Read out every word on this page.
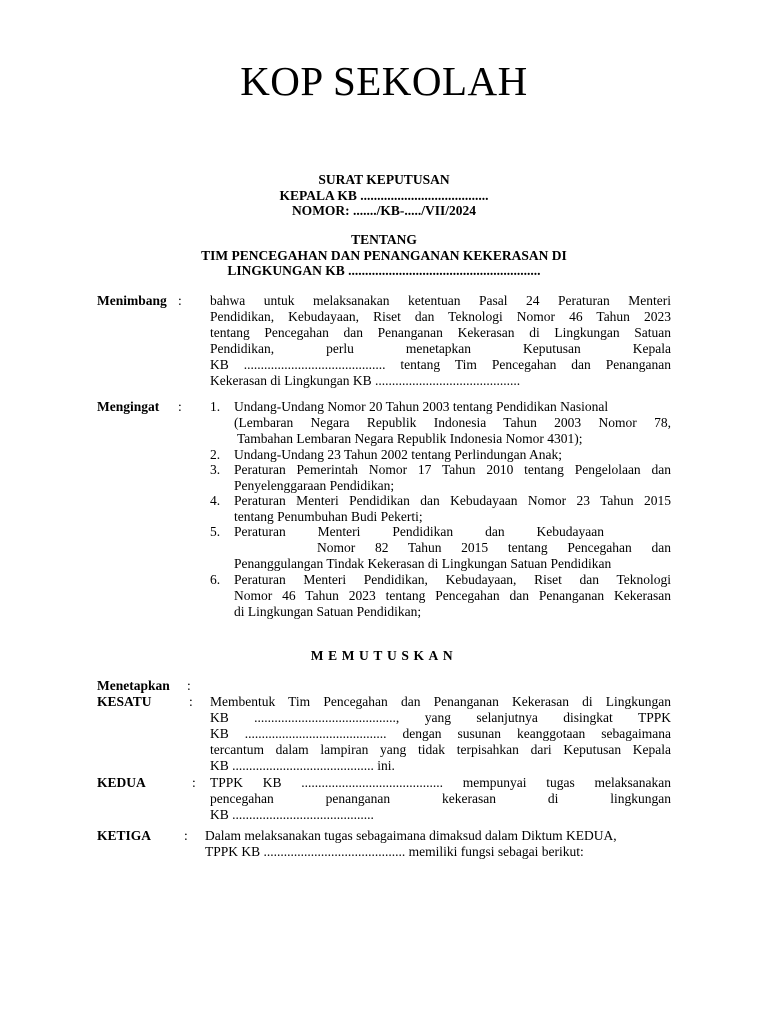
KOP SEKOLAH
SURAT KEPUTUSAN
KEPALA KB ......................................
NOMOR: ......./KB-...../VII/2024
TENTANG
TIM PENCEGAHAN DAN PENANGANAN KEKERASAN DI
LINGKUNGAN KB .........................................................
Menimbang : bahwa untuk melaksanakan ketentuan Pasal 24 Peraturan Menteri
Pendidikan, Kebudayaan, Riset dan Teknologi Nomor 46 Tahun 2023
tentang Pencegahan dan Penanganan Kekerasan di Lingkungan Satuan
Pendidikan, perlu menetapkan Keputusan Kepala
KB .......................................... tentang Tim Pencegahan dan Penanganan
Kekerasan di Lingkungan KB ...........................................
Mengingat : 1. Undang-Undang Nomor 20 Tahun 2003 tentang Pendidikan Nasional
(Lembaran Negara Republik Indonesia Tahun 2003 Nomor 78,
Tambahan Lembaran Negara Republik Indonesia Nomor 4301);
2. Undang-Undang 23 Tahun 2002 tentang Perlindungan Anak;
3. Peraturan Pemerintah Nomor 17 Tahun 2010 tentang Pengelolaan dan
Penyelenggaraan Pendidikan;
4. Peraturan Menteri Pendidikan dan Kebudayaan Nomor 23 Tahun 2015
tentang Penumbuhan Budi Pekerti;
5. Peraturan Menteri Pendidikan dan Kebudayaan
Nomor 82 Tahun 2015 tentang Pencegahan dan
Penanggulangan Tindak Kekerasan di Lingkungan Satuan Pendidikan
6. Peraturan Menteri Pendidikan, Kebudayaan, Riset dan Teknologi
Nomor 46 Tahun 2023 tentang Pencegahan dan Penanganan Kekerasan
di Lingkungan Satuan Pendidikan;
MEMUTUSKAN
Menetapkan :
KESATU	: Membentuk Tim Pencegahan dan Penanganan Kekerasan di Lingkungan
KB .........................................., yang selanjutnya disingkat TPPK
KB .......................................... dengan susunan keanggotaan sebagaimana
tercantum dalam lampiran yang tidak terpisahkan dari Keputusan Kepala
KB .......................................... ini.
KEDUA	: TPPK KB .......................................... mempunyai tugas melaksanakan
pencegahan penanganan kekerasan di lingkungan
KB ..........................................
KETIGA : Dalam melaksanakan tugas sebagaimana dimaksud dalam Diktum KEDUA,
TPPK KB .......................................... memiliki fungsi sebagai berikut:
